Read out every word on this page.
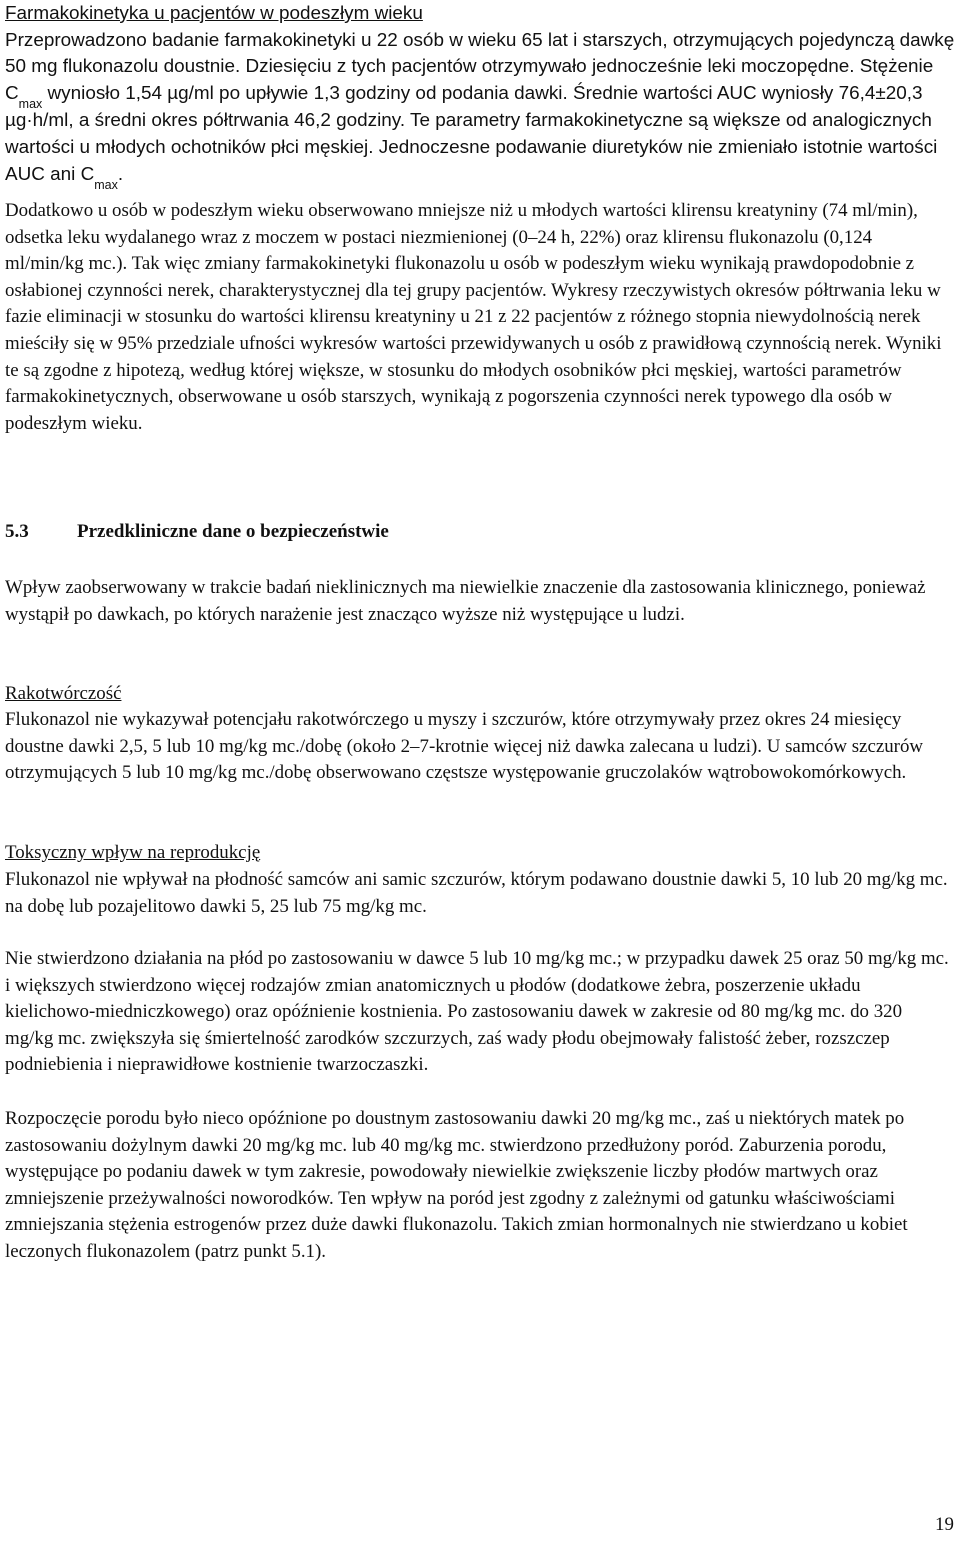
Farmakokinetyka u pacjentów w podeszłym wieku

Przeprowadzono badanie farmakokinetyki u 22 osób w wieku 65 lat i starszych, otrzymujących pojedynczą dawkę 50 mg flukonazolu doustnie. Dziesięciu z tych pacjentów otrzymywało jednocześnie leki moczopędne. Stężenie $C_{max}$ wyniosło 1,54 µg/ml po upływie 1,3 godziny od podania dawki. Średnie wartości AUC wyniosły 76,4±20,3 µg·h/ml, a średni okres półtrwania 46,2 godziny. Te parametry farmakokinetyczne są większe od analogicznych wartości u młodych ochotników płci męskiej. Jednoczesne podawanie diuretyków nie zmieniało istotnie wartości AUC ani $C_{max}$.

Dodatkowo u osób w podeszłym wieku obserwowano mniejsze niż u młodych wartości klirensu kreatyniny (74 ml/min), odsetka leku wydalanego wraz z moczem w postaci niezmienionej (0–24 h, 22%) oraz klirensu flukonazolu (0,124 ml/min/kg mc.). Tak więc zmiany farmakokinetyki flukonazolu u osób w podeszłym wieku wynikają prawdopodobnie z osłabionej czynności nerek, charakterystycznej dla tej grupy pacjentów. Wykresy rzeczywistych okresów półtrwania leku w fazie eliminacji w stosunku do wartości klirensu kreatyniny u 21 z 22 pacjentów z różnego stopnia niewydolnością nerek mieściły się w 95% przedziale ufności wykresów wartości przewidywanych u osób z prawidłową czynnością nerek. Wyniki te są zgodne z hipotezą, według której większe, w stosunku do młodych osobników płci męskiej, wartości parametrów farmakokinetycznych, obserwowane u osób starszych, wynikają z pogorszenia czynności nerek typowego dla osób w podeszłym wieku.

5.3	Przedkliniczne dane o bezpieczeństwie

Wpływ zaobserwowany w trakcie badań nieklinicznych ma niewielkie znaczenie dla zastosowania klinicznego, ponieważ wystąpił po dawkach, po których narażenie jest znacząco wyższe niż występujące u ludzi.

Rakotwórczość

Flukonazol nie wykazywał potencjału rakotwórczego u myszy i szczurów, które otrzymywały przez okres 24 miesięcy doustne dawki 2,5, 5 lub 10 mg/kg mc./dobę (około 2–7-krotnie więcej niż dawka zalecana u ludzi). U samców szczurów otrzymujących 5 lub 10 mg/kg mc./dobę obserwowano częstsze występowanie gruczolaków wątrobowokomórkowych.

Toksyczny wpływ na reprodukcję

Flukonazol nie wpływał na płodność samców ani samic szczurów, którym podawano doustnie dawki 5, 10 lub 20 mg/kg mc. na dobę lub pozajelitowo dawki 5, 25 lub 75 mg/kg mc.

Nie stwierdzono działania na płód po zastosowaniu w dawce 5 lub 10 mg/kg mc.; w przypadku dawek 25 oraz 50 mg/kg mc. i większych stwierdzono więcej rodzajów zmian anatomicznych u płodów (dodatkowe żebra, poszerzenie układu kielichowo-miedniczkowego) oraz opóźnienie kostnienia. Po zastosowaniu dawek w zakresie od 80 mg/kg mc. do 320 mg/kg mc. zwiększyła się śmiertelność zarodków szczurzych, zaś wady płodu obejmowały falistość żeber, rozszczep podniebienia i nieprawidłowe kostnienie twarzoczaszki.

Rozpoczęcie porodu było nieco opóźnione po doustnym zastosowaniu dawki 20 mg/kg mc., zaś u niektórych matek po zastosowaniu dożylnym dawki 20 mg/kg mc. lub 40 mg/kg mc. stwierdzono przedłużony poród. Zaburzenia porodu, występujące po podaniu dawek w tym zakresie, powodowały niewielkie zwiększenie liczby płodów martwych oraz zmniejszenie przeżywalności noworodków. Ten wpływ na poród jest zgodny z zależnymi od gatunku właściwościami zmniejszania stężenia estrogenów przez duże dawki flukonazolu. Takich zmian hormonalnych nie stwierdzano u kobiet leczonych flukonazolem (patrz punkt 5.1).

19
